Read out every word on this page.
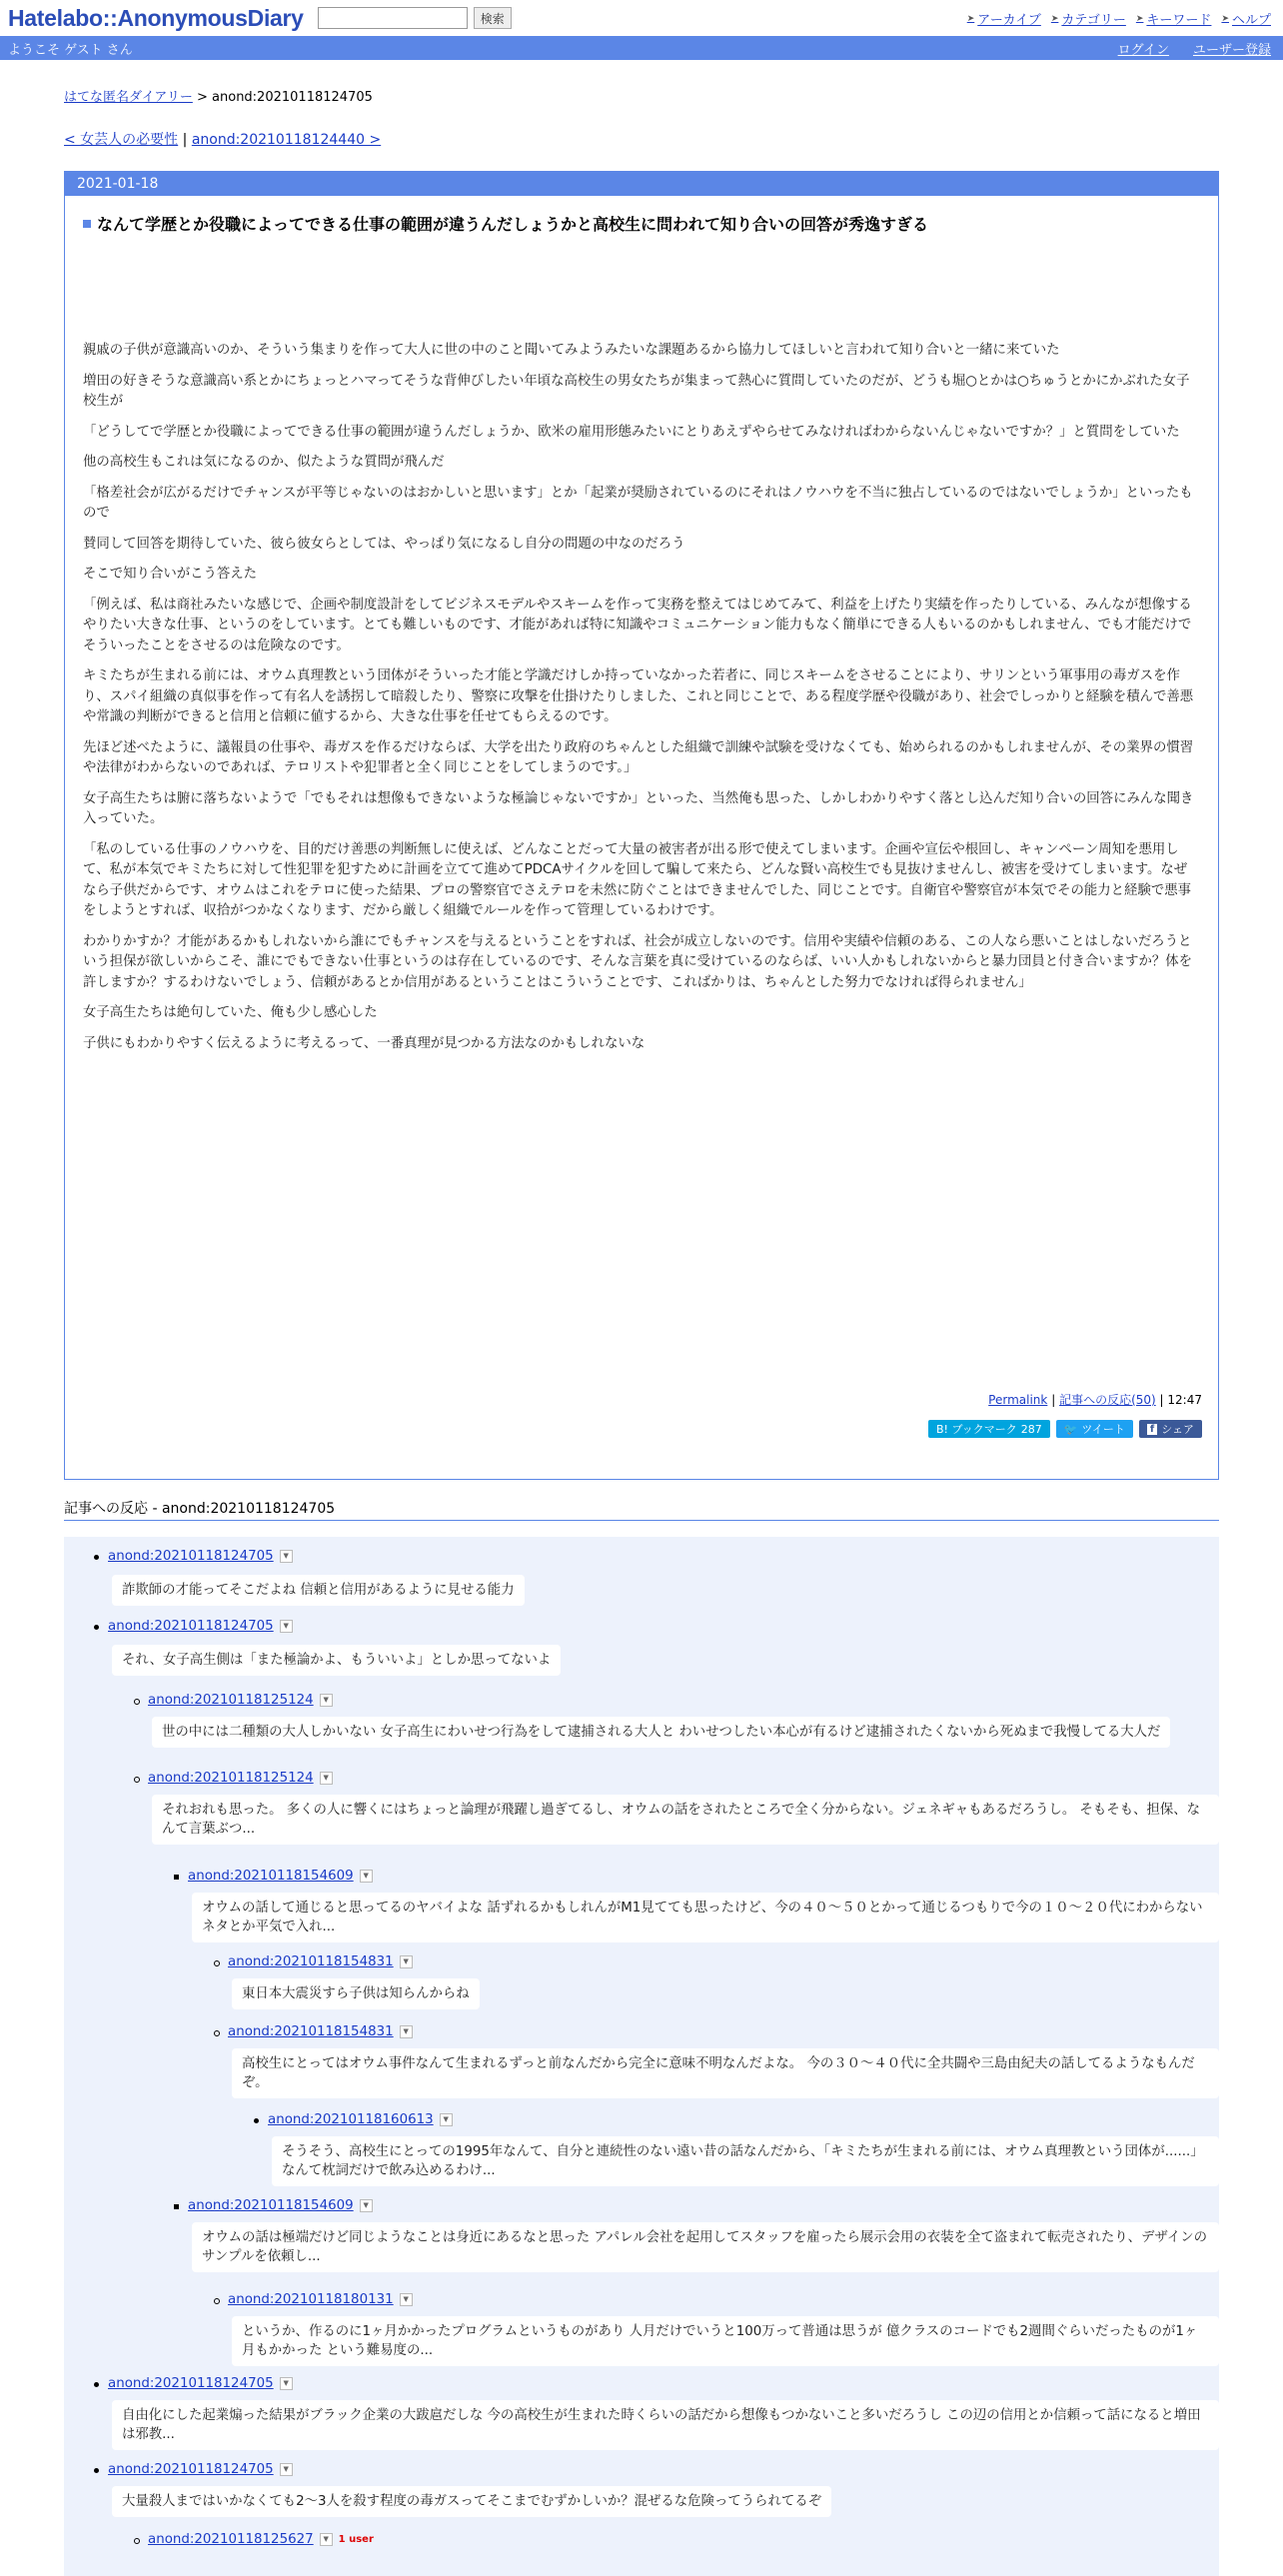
Hatelabo::AnonymousDiary	検索	➤ アーカイブ ➤ カテゴリー ➤ キーワード ➤ ヘルプ
ようこそ ゲスト さん	ログイン ユーザー登録
はてな匿名ダイアリー > anond:20210118124705
< 女芸人の必要性 | anond:20210118124440 >
2021-01-18
なんて学歴とか役職によってできる仕事の範囲が違うんだしょうかと高校生に問われて知り合いの回答が秀逸すぎる

親戚の子供が意識高いのか、そういう集まりを作って大人に世の中のこと聞いてみようみたいな課題あるから協力してほしいと言われて知り合いと一緒に来ていた

増田の好きそうな意識高い系とかにちょっとハマってそうな背伸びしたい年頃な高校生の男女たちが集まって熱心に質問していたのだが、どうも堀○とかは○ちゅうとかにかぶれた女子校生が

「どうしてで学歴とか役職によってできる仕事の範囲が違うんだしょうか、欧米の雇用形態みたいにとりあえずやらせてみなければわからないんじゃないですか？」と質問をしていた

他の高校生もこれは気になるのか、似たような質問が飛んだ

「格差社会が広がるだけでチャンスが平等じゃないのはおかしいと思います」とか「起業が奨励されているのにそれはノウハウを不当に独占しているのではないでしょうか」といったもので

賛同して回答を期待していた、彼ら彼女らとしては、やっぱり気になるし自分の問題の中なのだろう

そこで知り合いがこう答えた

「例えば、私は商社みたいな感じで、企画や制度設計をしてビジネスモデルやスキームを作って実務を整えてはじめてみて、利益を上げたり実績を作ったりしている、みんなが想像するやりたい大きな仕事、というのをしています。とても難しいものです、才能があれば特に知識やコミュニケーション能力もなく簡単にできる人もいるのかもしれません、でも才能だけでそういったことをさせるのは危険なのです。

キミたちが生まれる前には、オウム真理教という団体がそういった才能と学識だけしか持っていなかった若者に、同じスキームをさせることにより、サリンという軍事用の毒ガスを作り、スパイ組織の真似事を作って有名人を誘拐して暗殺したり、警察に攻撃を仕掛けたりしました、これと同じことで、ある程度学歴や役職があり、社会でしっかりと経験を積んで善悪や常識の判断ができると信用と信頼に値するから、大きな仕事を任せてもらえるのです。

先ほど述べたように、議報員の仕事や、毒ガスを作るだけならば、大学を出たり政府のちゃんとした組織で訓練や試験を受けなくても、始められるのかもしれませんが、その業界の慣習や法律がわからないのであれば、テロリストや犯罪者と全く同じことをしてしまうのです。」

女子高生たちは腑に落ちないようで「でもそれは想像もできないような極論じゃないですか」といった、当然俺も思った、しかしわかりやすく落とし込んだ知り合いの回答にみんな聞き入っていた。

「私のしている仕事のノウハウを、目的だけ善悪の判断無しに使えば、どんなことだって大量の被害者が出る形で使えてしまいます。企画や宣伝や根回し、キャンペーン周知を悪用して、私が本気でキミたちに対して性犯罪を犯すために計画を立てて進めてPDCAサイクルを回して騙して来たら、どんな賢い高校生でも見抜けませんし、被害を受けてしまいます。なぜなら子供だからです、オウムはこれをテロに使った結果、プロの警察官でさえテロを未然に防ぐことはできませんでした、同じことです。自衛官や警察官が本気でその能力と経験で悪事をしようとすれば、収拾がつかなくなります、だから厳しく組織でルールを作って管理しているわけです。

わかりかすか？才能があるかもしれないから誰にでもチャンスを与えるということをすれば、社会が成立しないのです。信用や実績や信頼のある、この人なら悪いことはしないだろうという担保が欲しいからこそ、誰にでもできない仕事というのは存在しているのです、そんな言葉を真に受けているのならば、いい人かもしれないからと暴力団員と付き合いますか？体を許しますか？するわけないでしょう、信頼があるとか信用があるということはこういうことです、こればかりは、ちゃんとした努力でなければ得られません」

女子高生たちは絶句していた、俺も少し感心した

子供にもわかりやすく伝えるように考えるって、一番真理が見つかる方法なのかもしれないな

Permalink | 記事への反応(50) | 12:47
B! ブックマーク 287 🐦 ツイート	f シェア
記事への反応 - anond:20210118124705
anond:20210118124705	▼
詐欺師の才能ってそこだよね 信頼と信用があるように見せる能力
anond:20210118124705	▼
それ、女子高生側は「また極論かよ、もういいよ」としか思ってないよ
anond:20210118125124	▼
世の中には二種類の大人しかいない 女子高生にわいせつ行為をして逮捕される大人と わいせつしたい本心が有るけど逮捕されたくないから死ぬまで我慢してる大人だ
anond:20210118125124	▼
それおれも思った。 多くの人に響くにはちょっと論理が飛躍し過ぎてるし、オウムの話をされたところで全く分からない。ジェネギャもあるだろうし。 そもそも、担保、なんて言葉ぶつ...
anond:20210118154609	▼
オウムの話して通じると思ってるのヤバイよな 話ずれるかもしれんがM1見てても思ったけど、今の４０～５０とかって通じるつもりで今の１０～２０代にわからないネタとか平気で入れ...
anond:20210118154831	▼
東日本大震災すら子供は知らんからね
anond:20210118154831	▼
高校生にとってはオウム事件なんて生まれるずっと前なんだから完全に意味不明なんだよな。 今の３０～４０代に全共闘や三島由紀夫の話してるようなもんだぞ。
anond:20210118160613	▼
そうそう、高校生にとっての1995年なんて、自分と連続性のない遠い昔の話なんだから、「キミたちが生まれる前には、オウム真理教という団体が......」なんて枕詞だけで飲み込めるわけ...
anond:20210118154609	▼
オウムの話は極端だけど同じようなことは身近にあるなと思った アパレル会社を起用してスタッフを雇ったら展示会用の衣装を全て盗まれて転売されたり、デザインのサンプルを依頼し...
anond:20210118180131	▼
というか、作るのに1ヶ月かかったプログラムというものがあり 人月だけでいうと100万って普通は思うが 億クラスのコードでも2週間ぐらいだったものが1ヶ月もかかった という難易度の...
anond:20210118124705	▼
自由化にした起業煽った結果がブラック企業の大跋扈だしな 今の高校生が生まれた時くらいの話だから想像もつかないこと多いだろうし この辺の信用とか信頼って話になると増田は邪教...
anond:20210118124705	▼
大量殺人まではいかなくても2～3人を殺す程度の毒ガスってそこまでむずかしいか？混ぜるな危険ってうられてるぞ
anond:20210118125627	▼ 1 user
